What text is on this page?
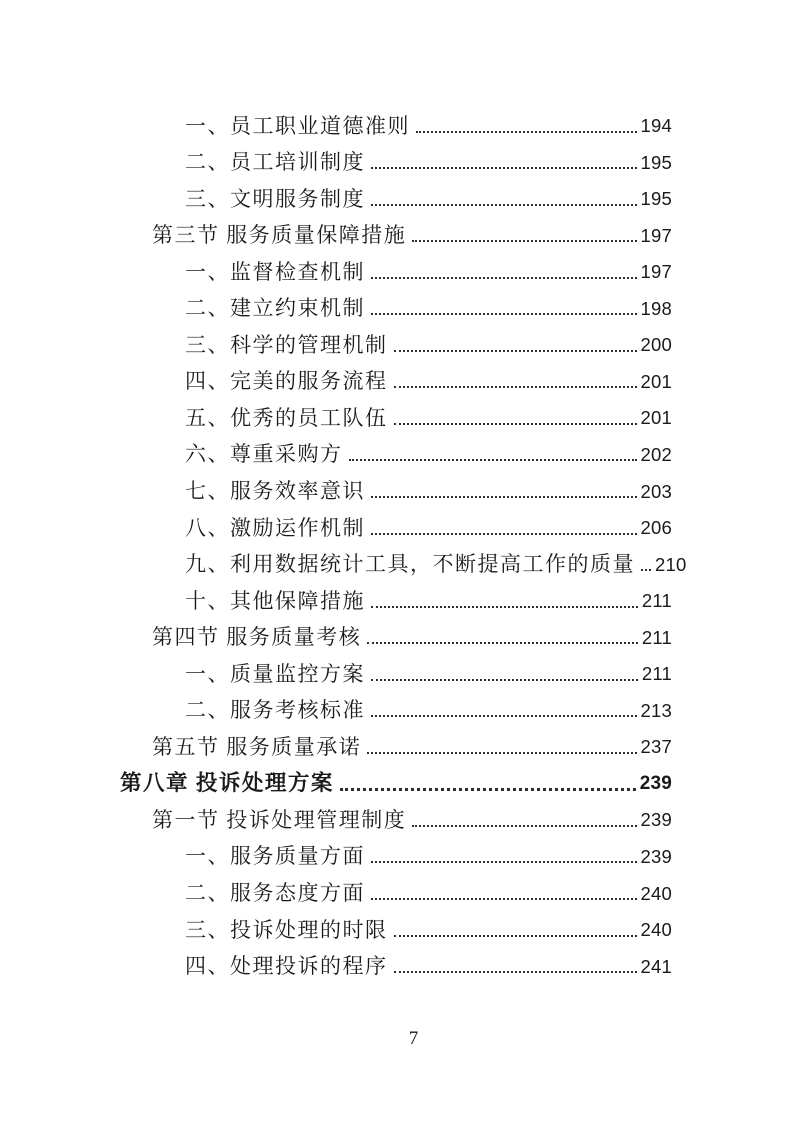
一、员工职业道德准则	194
二、员工培训制度	195
三、文明服务制度	195
第三节 服务质量保障措施	197
一、监督检查机制	197
二、建立约束机制	198
三、科学的管理机制	200
四、完美的服务流程	201
五、优秀的员工队伍	201
六、尊重采购方	202
七、服务效率意识	203
八、激励运作机制	206
九、利用数据统计工具，不断提高工作的质量 210
十、其他保障措施	211
第四节 服务质量考核	211
一、质量监控方案	211
二、服务考核标准	213
第五节 服务质量承诺	237
第八章 投诉处理方案	239
第一节 投诉处理管理制度	239
一、服务质量方面	239
二、服务态度方面	240
三、投诉处理的时限	240
四、处理投诉的程序	241
7
